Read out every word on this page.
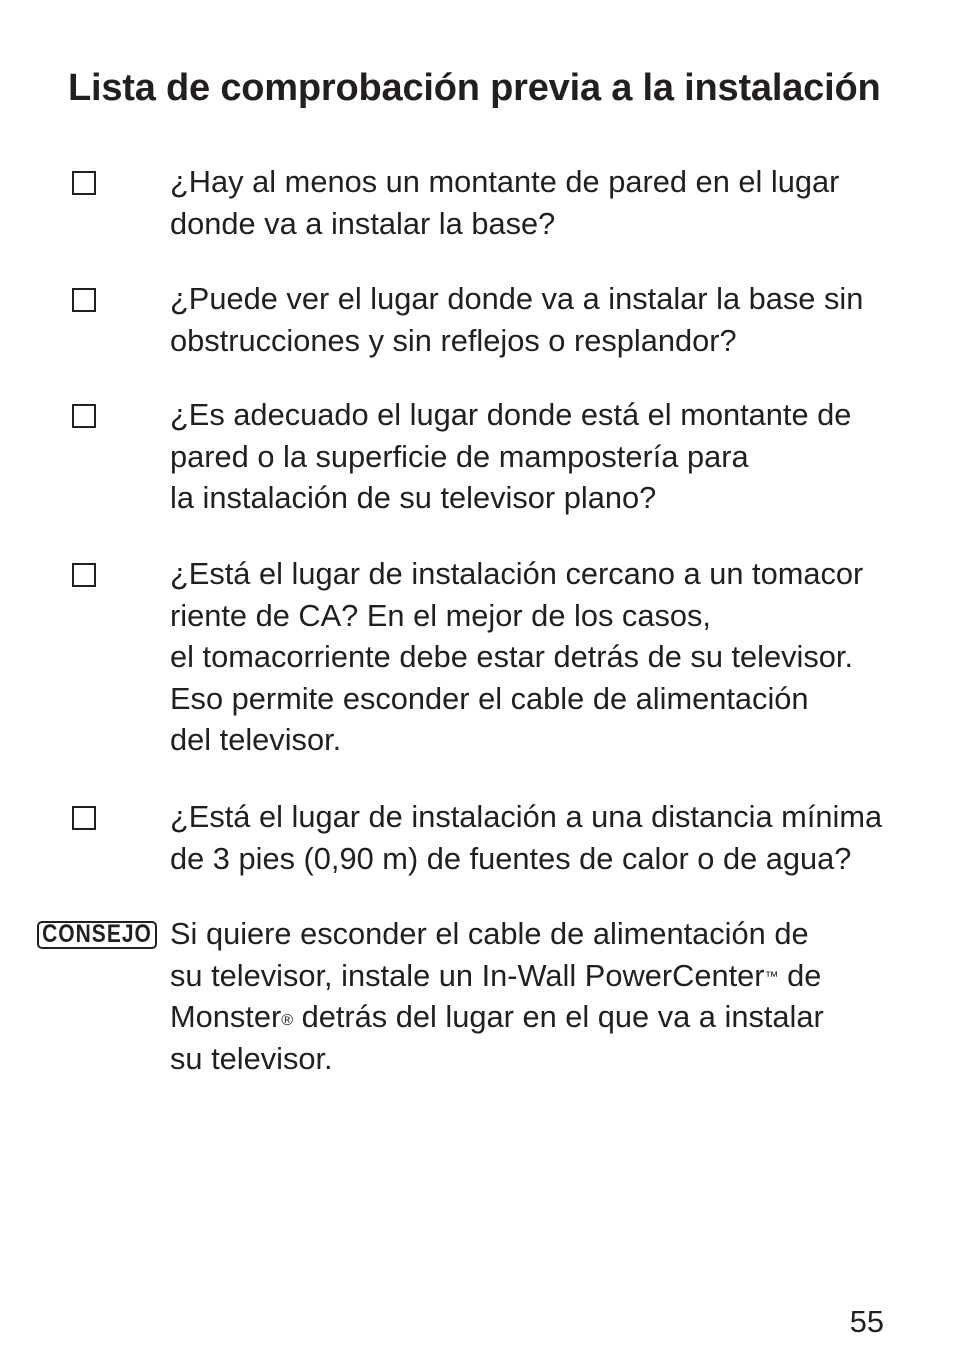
Lista de comprobación previa a la instalación
¿Hay al menos un montante de pared en el lugar
donde va a instalar la base?
¿Puede ver el lugar donde va a instalar la base sin
obstrucciones y sin reflejos o resplandor?
¿Es adecuado el lugar donde está el montante de
pared o la superficie de mampostería para
la instalación de su televisor plano?
¿Está el lugar de instalación cercano a un tomacor
riente de CA? En el mejor de los casos,
el tomacorriente debe estar detrás de su televisor.
Eso permite esconder el cable de alimentación
del televisor.
¿Está el lugar de instalación a una distancia mínima
de 3 pies (0,90 m) de fuentes de calor o de agua?
CONSEJO Si quiere esconder el cable de alimentación de
su televisor, instale un In-Wall PowerCenter™ de
Monster® detrás del lugar en el que va a instalar
su televisor.
55
